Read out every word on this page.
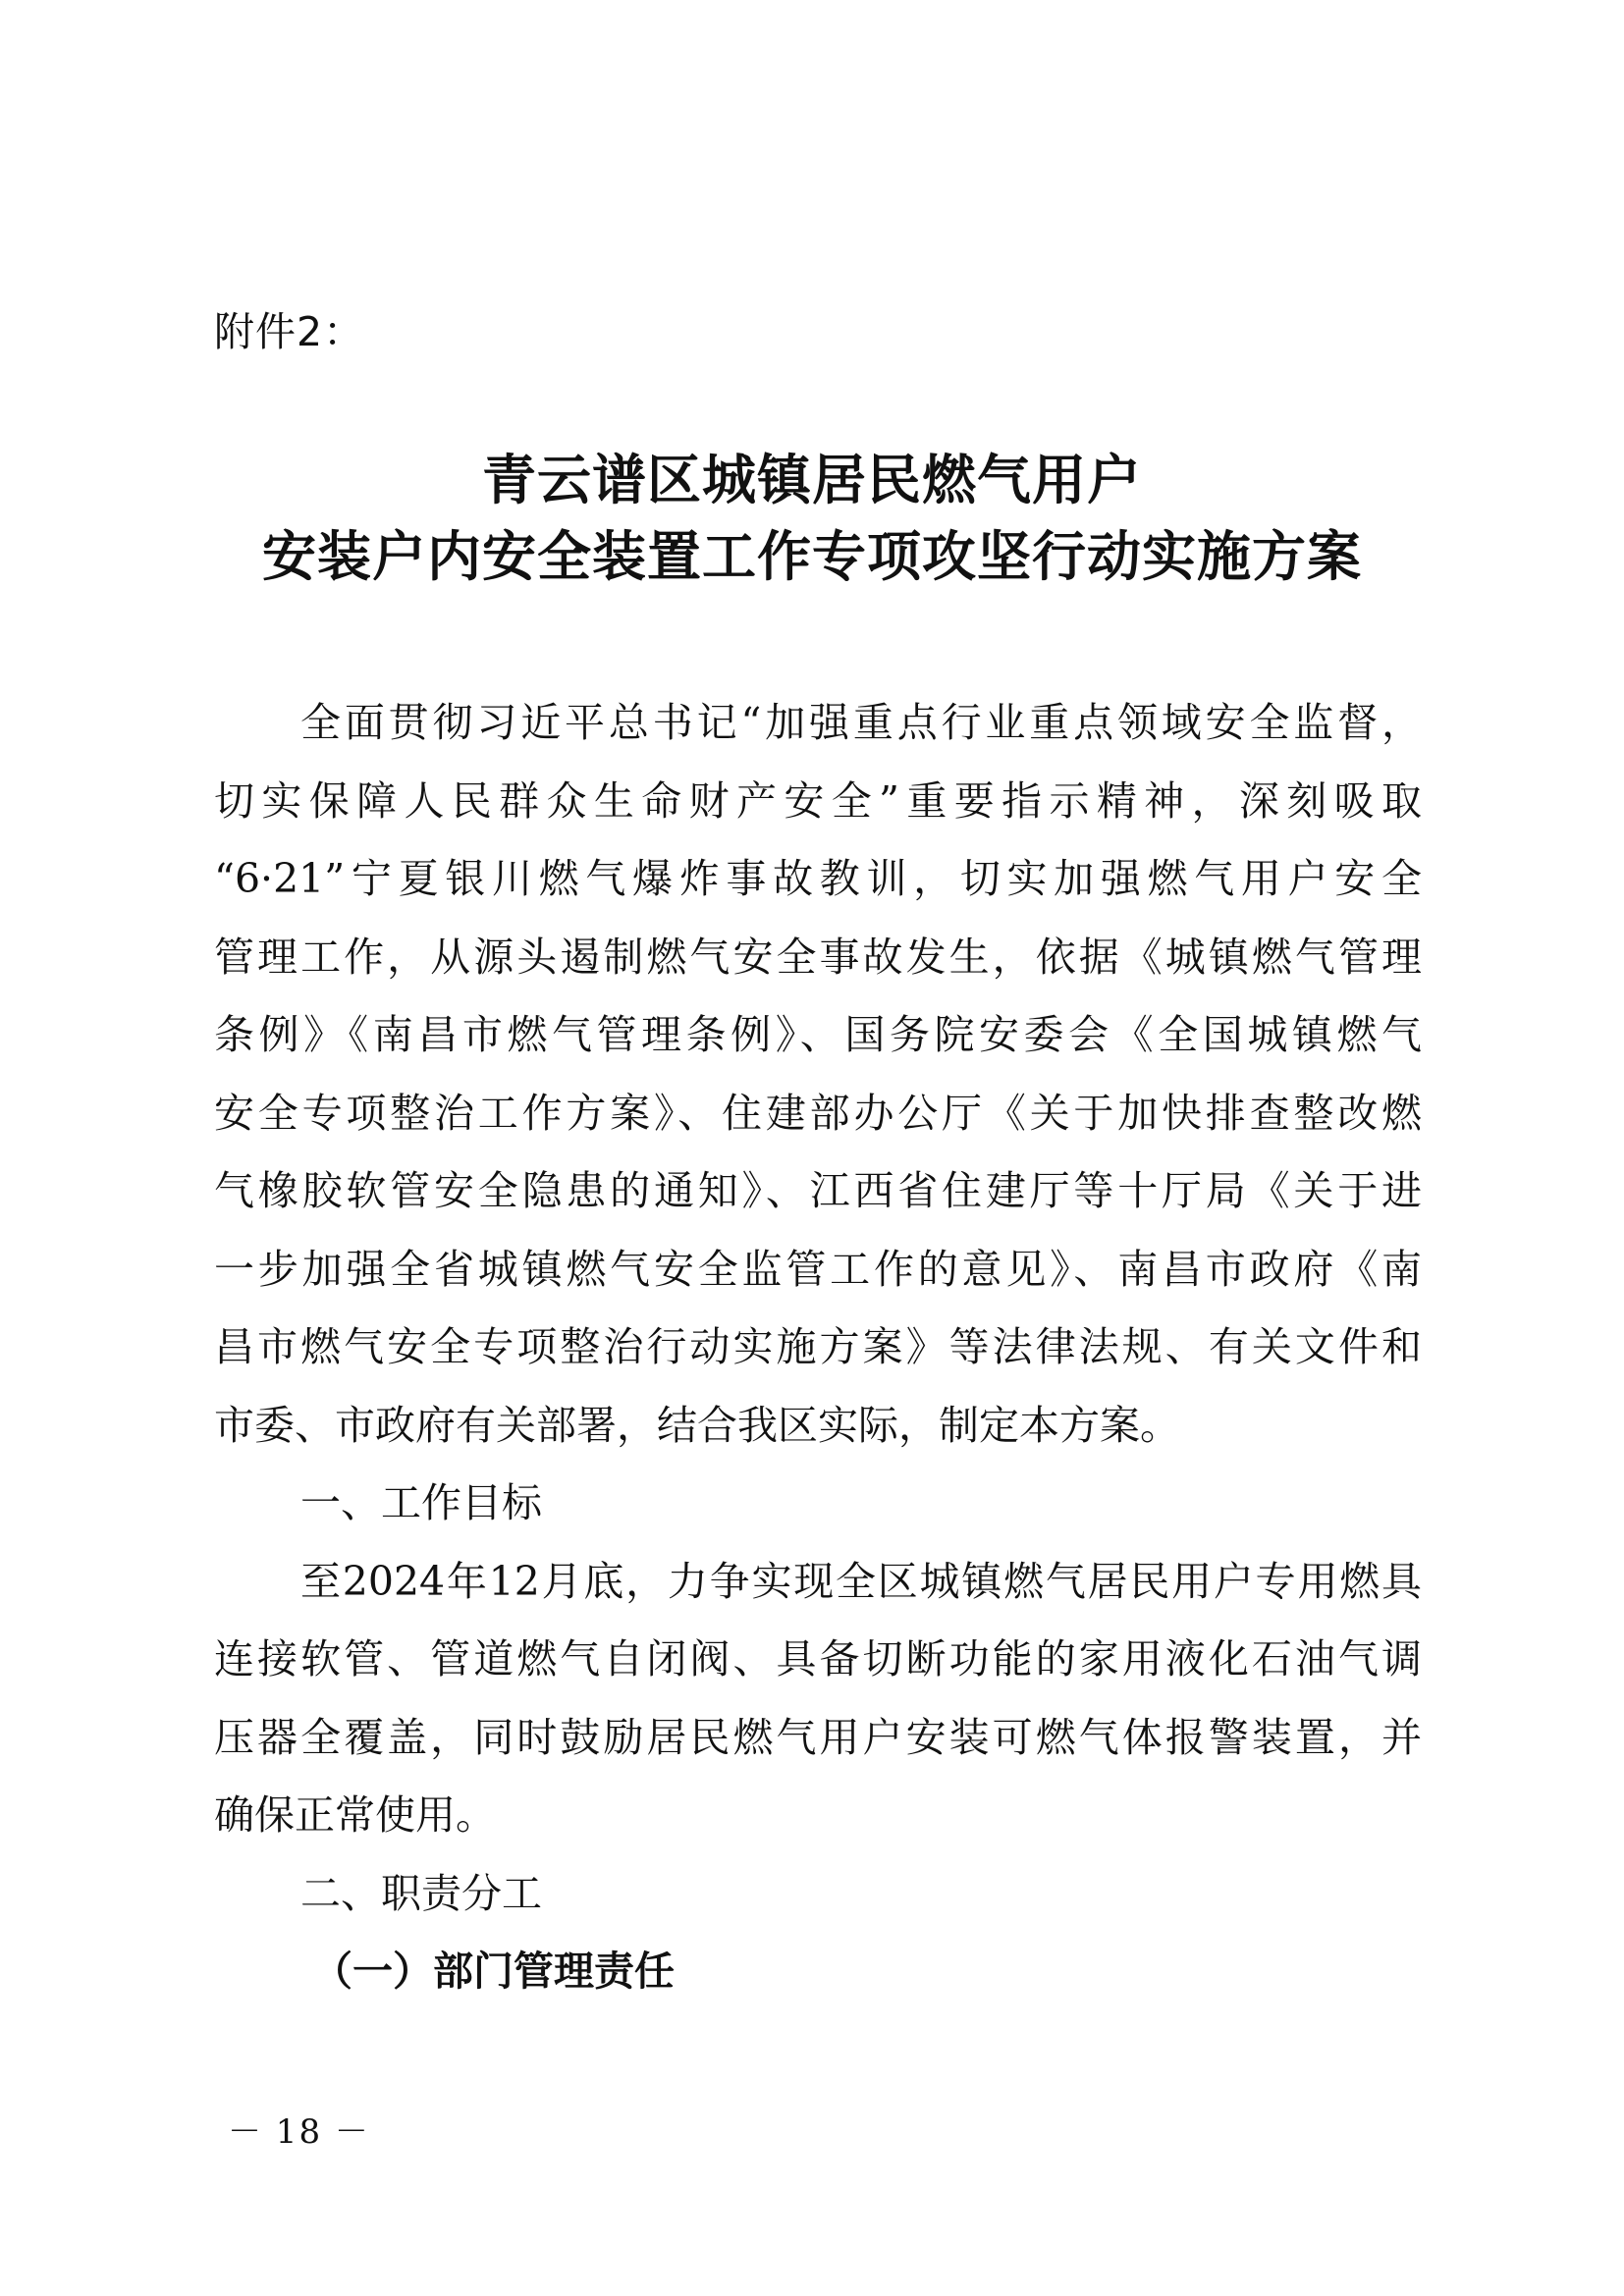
附件2：
青云谱区城镇居民燃气用户
安装户内安全装置工作专项攻坚行动实施方案
全面贯彻习近平总书记“加强重点行业重点领域安全监督，
切实保障人民群众生命财产安全”重要指示精神，深刻吸取
“6·21”宁夏银川燃气爆炸事故教训，切实加强燃气用户安全
管理工作，从源头遏制燃气安全事故发生，依据《城镇燃气管理
条例》《南昌市燃气管理条例》、国务院安委会《全国城镇燃气
安全专项整治工作方案》、住建部办公厅《关于加快排查整改燃
气橡胶软管安全隐患的通知》、江西省住建厅等十厅局《关于进
一步加强全省城镇燃气安全监管工作的意见》、南昌市政府《南
昌市燃气安全专项整治行动实施方案》等法律法规、有关文件和
市委、市政府有关部署，结合我区实际，制定本方案。
一、工作目标
至2024年12月底，力争实现全区城镇燃气居民用户专用燃具
连接软管、管道燃气自闭阀、具备切断功能的家用液化石油气调
压器全覆盖，同时鼓励居民燃气用户安装可燃气体报警装置，并
确保正常使用。
二、职责分工
（一）部门管理责任
－ 18 －
